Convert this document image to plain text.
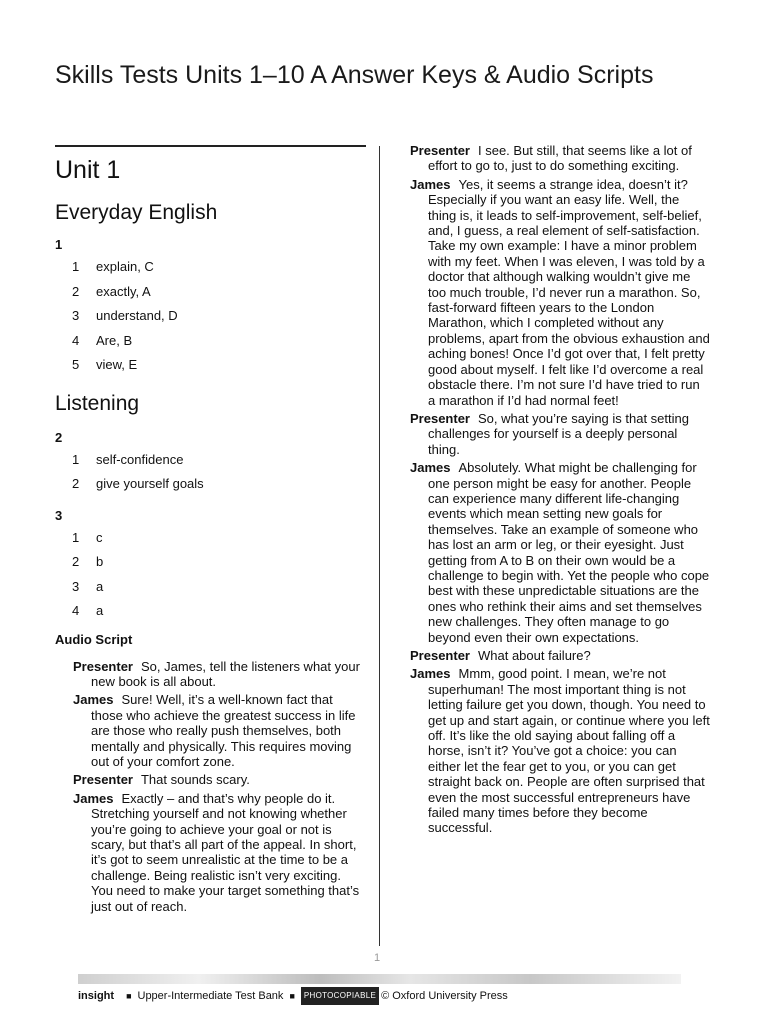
Skills Tests Units 1–10 A Answer Keys & Audio Scripts
Unit 1
Everyday English

1

1	explain, C
2	exactly, A
3	understand, D
4	Are, B
5	view, E
Listening

2

1	self-confidence
2	give yourself goals

3

1	c
2	b
3	a
4	a

Audio Script

Presenter So, James, tell the listeners what your new book is all about.

James Sure! Well, it’s a well-known fact that those who achieve the greatest success in life are those who really push themselves, both mentally and physically. This requires moving out of your comfort zone.

Presenter That sounds scary.

James Exactly – and that’s why people do it. Stretching yourself and not knowing whether you’re going to achieve your goal or not is scary, but that’s all part of the appeal. In short, it’s got to seem unrealistic at the time to be a challenge. Being realistic isn’t very exciting. You need to make your target something that’s just out of reach.

Presenter I see. But still, that seems like a lot of effort to go to, just to do something exciting.

James Yes, it seems a strange idea, doesn’t it? Especially if you want an easy life. Well, the thing is, it leads to self-improvement, self-belief, and, I guess, a real element of self-satisfaction. Take my own example: I have a minor problem with my feet. When I was eleven, I was told by a doctor that although walking wouldn’t give me too much trouble, I’d never run a marathon. So, fast-forward fifteen years to the London Marathon, which I completed without any problems, apart from the obvious exhaustion and aching bones! Once I’d got over that, I felt pretty good about myself. I felt like I’d overcome a real obstacle there. I’m not sure I’d have tried to run a marathon if I’d had normal feet!

Presenter So, what you’re saying is that setting challenges for yourself is a deeply personal thing.

James Absolutely. What might be challenging for one person might be easy for another. People can experience many different life-changing events which mean setting new goals for themselves. Take an example of someone who has lost an arm or leg, or their eyesight. Just getting from A to B on their own would be a challenge to begin with. Yet the people who cope best with these unpredictable situations are the ones who rethink their aims and set themselves new challenges. They often manage to go beyond even their own expectations.

Presenter What about failure?

James Mmm, good point. I mean, we’re not superhuman! The most important thing is not letting failure get you down, though. You need to get up and start again, or continue where you left off. It’s like the old saying about falling off a horse, isn’t it? You’ve got a choice: you can either let the fear get to you, or you can get straight back on. People are often surprised that even the most successful entrepreneurs have failed many times before they become successful.

1
insight ■ Upper-Intermediate Test Bank ■	PHOTOCOPIABLE © Oxford University Press
